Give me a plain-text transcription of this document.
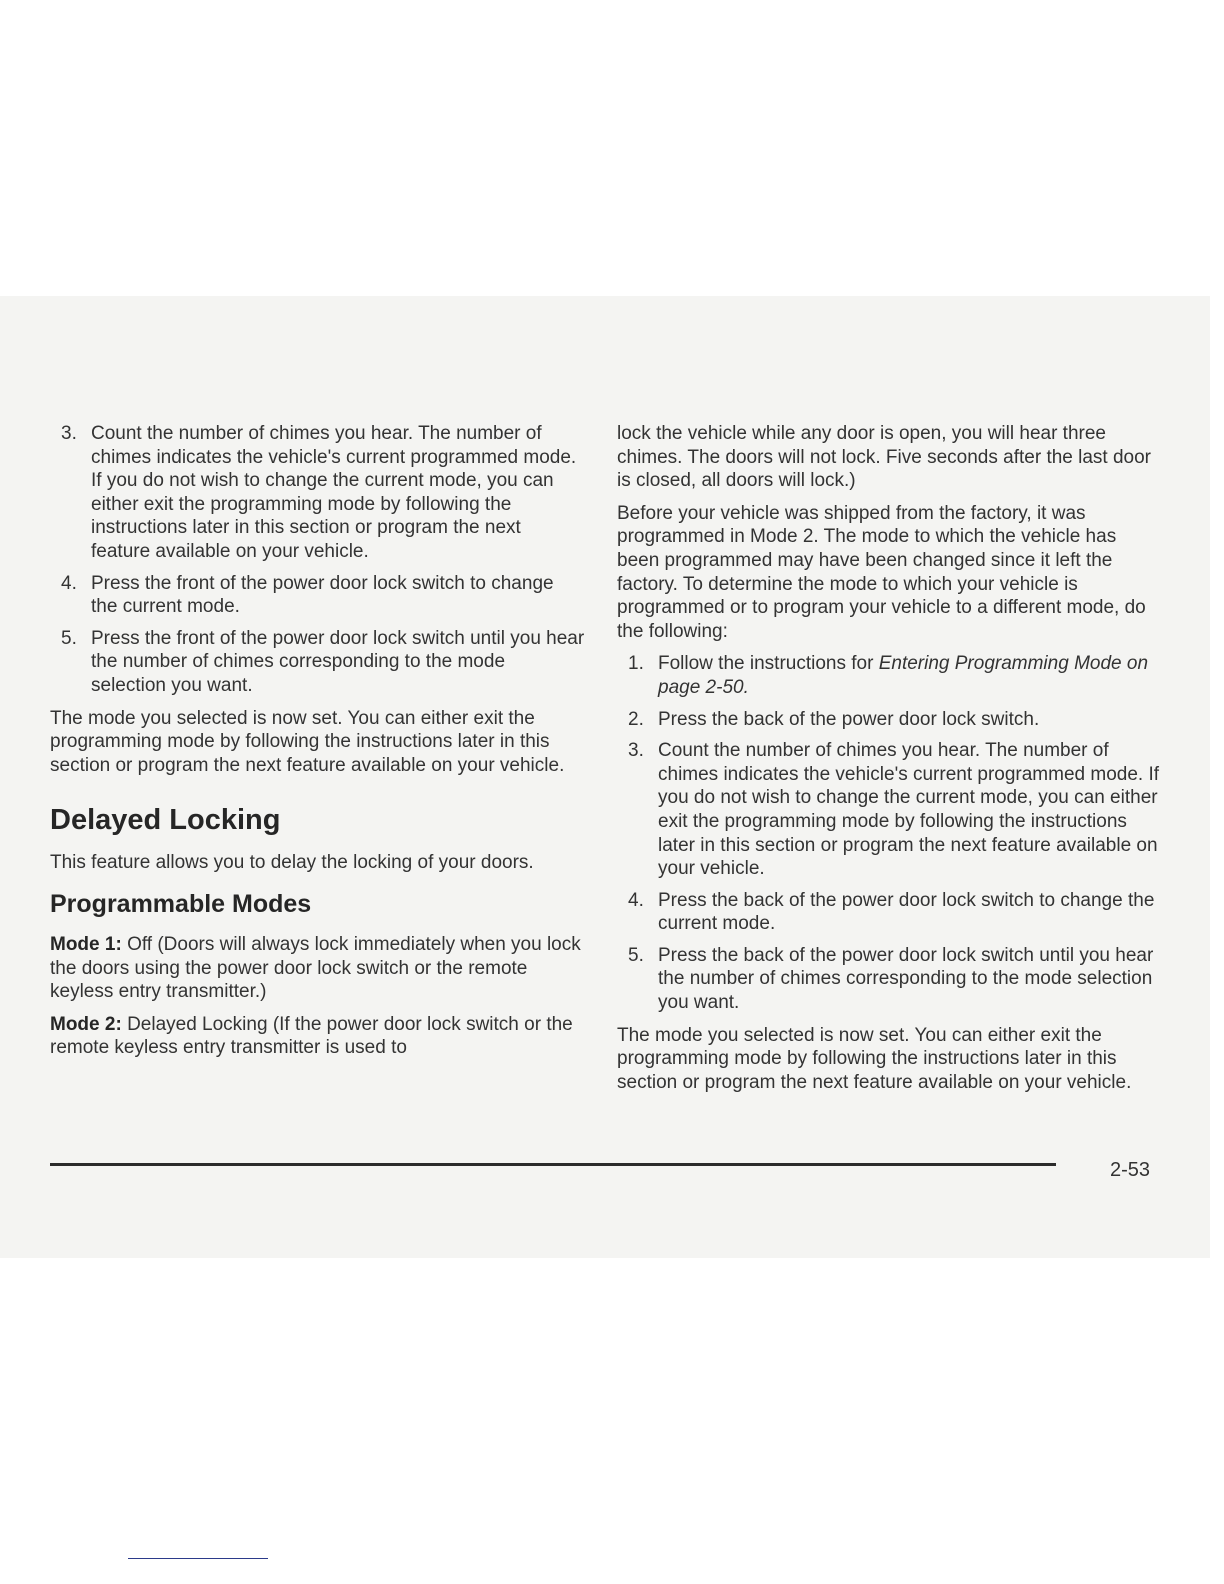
3. Count the number of chimes you hear. The number of chimes indicates the vehicle's current programmed mode. If you do not wish to change the current mode, you can either exit the programming mode by following the instructions later in this section or program the next feature available on your vehicle.
4. Press the front of the power door lock switch to change the current mode.
5. Press the front of the power door lock switch until you hear the number of chimes corresponding to the mode selection you want.

The mode you selected is now set. You can either exit the programming mode by following the instructions later in this section or program the next feature available on your vehicle.

Delayed Locking

This feature allows you to delay the locking of your doors.

Programmable Modes

Mode 1: Off (Doors will always lock immediately when you lock the doors using the power door lock switch or the remote keyless entry transmitter.)

Mode 2: Delayed Locking (If the power door lock switch or the remote keyless entry transmitter is used to

lock the vehicle while any door is open, you will hear three chimes. The doors will not lock. Five seconds after the last door is closed, all doors will lock.)

Before your vehicle was shipped from the factory, it was programmed in Mode 2. The mode to which the vehicle has been programmed may have been changed since it left the factory. To determine the mode to which your vehicle is programmed or to program your vehicle to a different mode, do the following:

1. Follow the instructions for Entering Programming Mode on page 2-50.
2. Press the back of the power door lock switch.
3. Count the number of chimes you hear. The number of chimes indicates the vehicle's current programmed mode. If you do not wish to change the current mode, you can either exit the programming mode by following the instructions later in this section or program the next feature available on your vehicle.
4. Press the back of the power door lock switch to change the current mode.
5. Press the back of the power door lock switch until you hear the number of chimes corresponding to the mode selection you want.

The mode you selected is now set. You can either exit the programming mode by following the instructions later in this section or program the next feature available on your vehicle.

2-53
